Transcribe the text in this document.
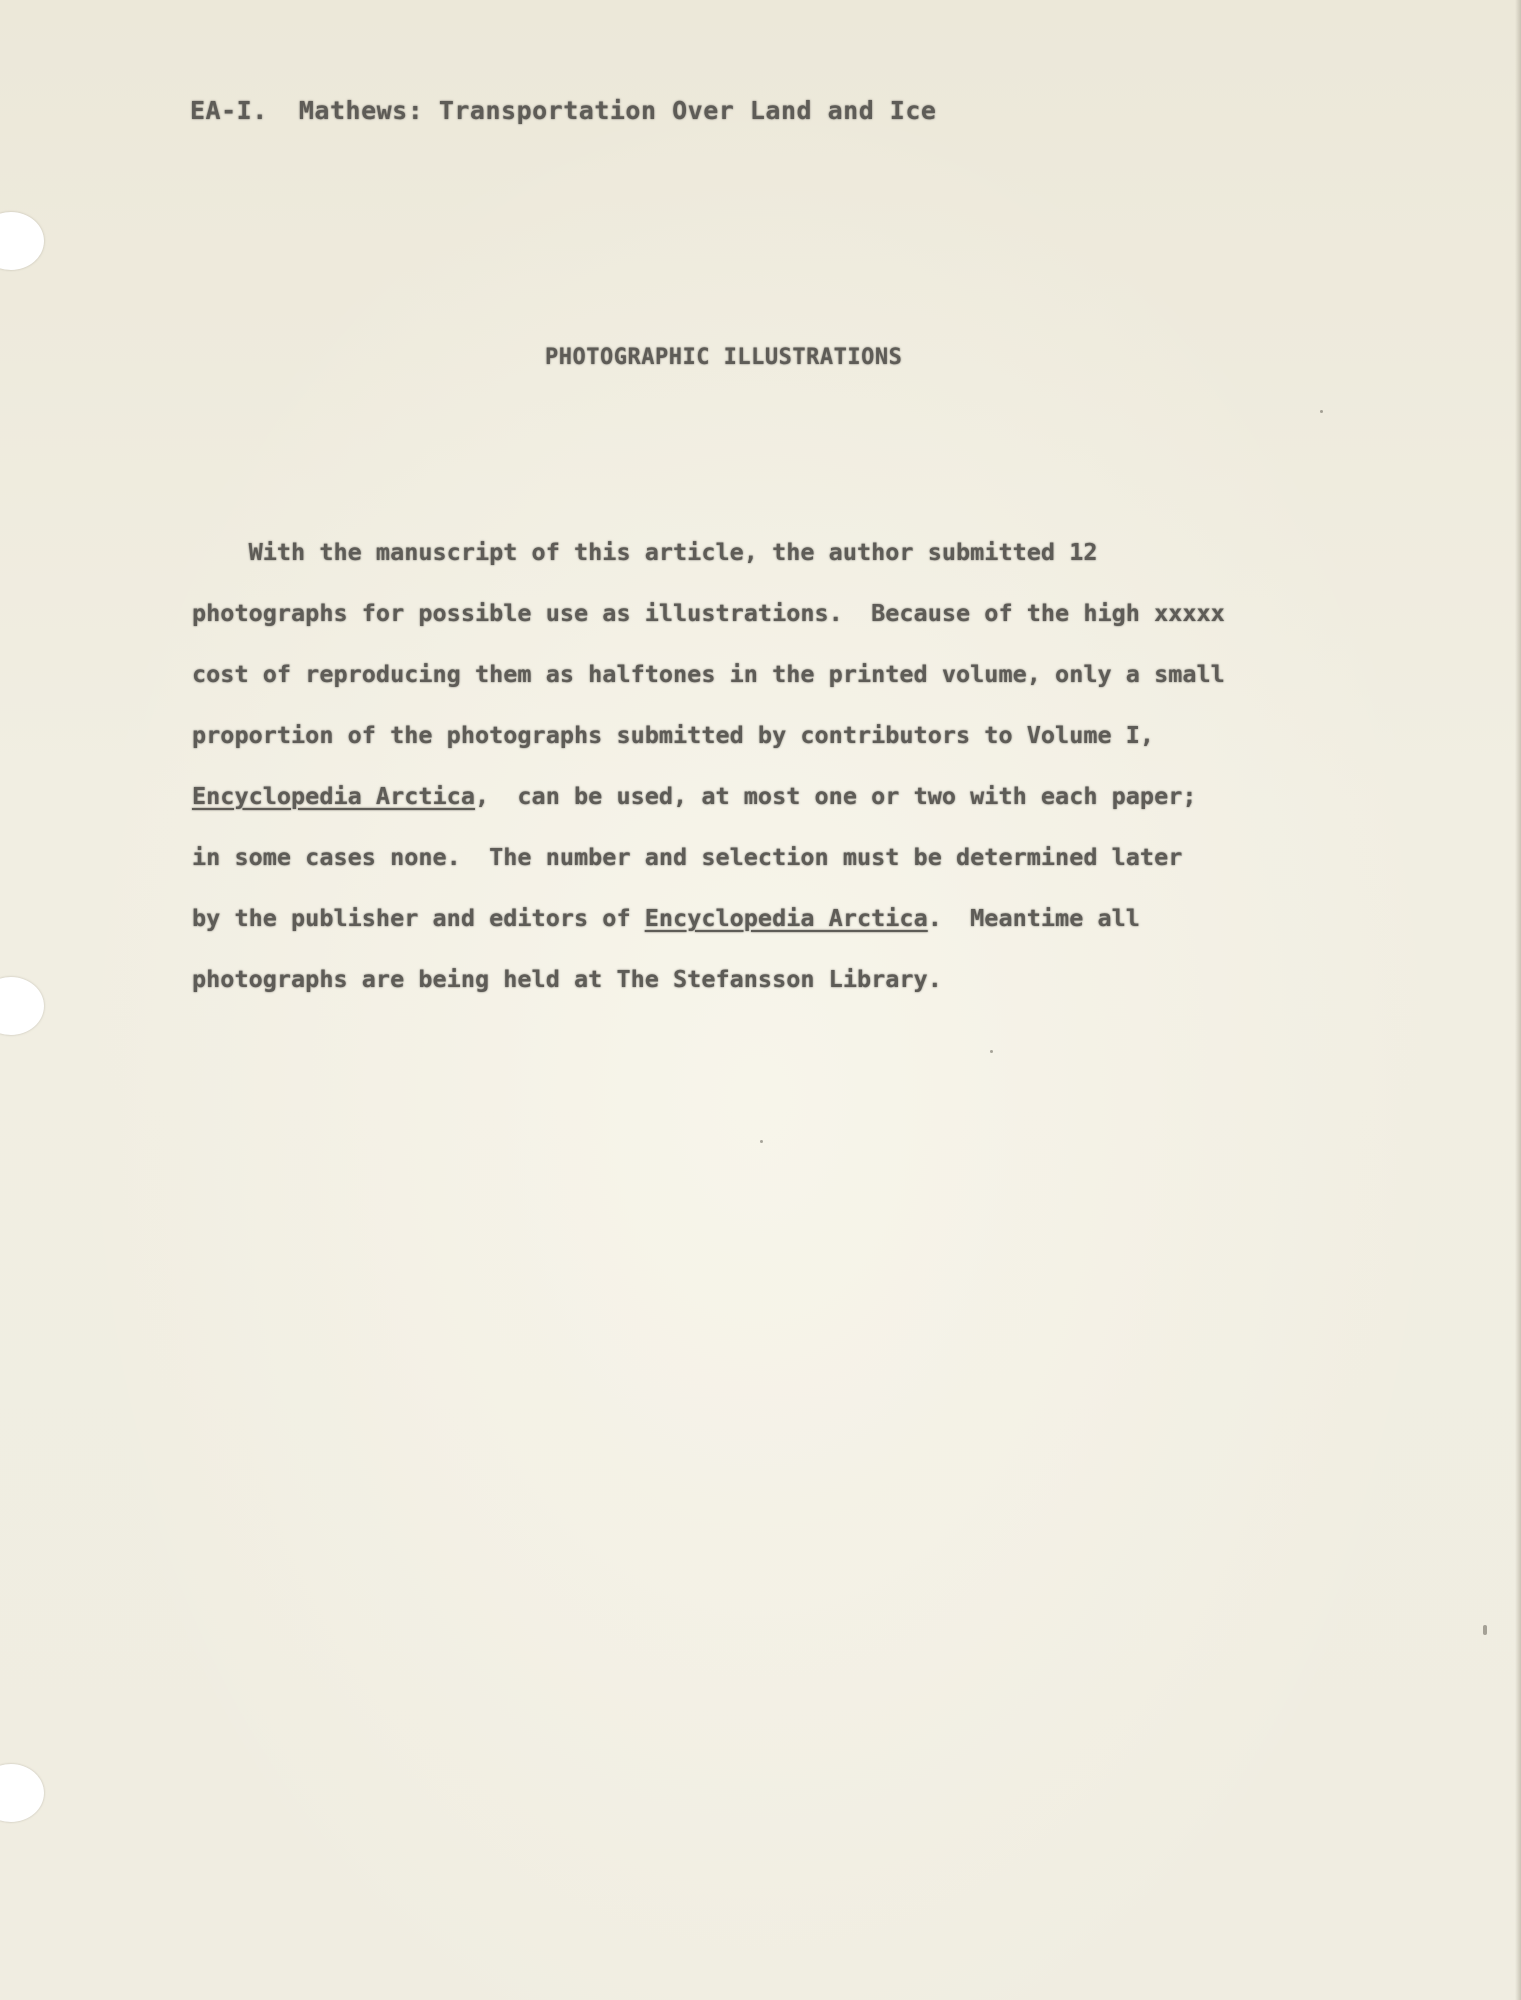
EA-I.  Mathews: Transportation Over Land and Ice

PHOTOGRAPHIC ILLUSTRATIONS

With the manuscript of this article, the author submitted 12
photographs for possible use as illustrations.  Because of the high xxxxx
cost of reproducing them as halftones in the printed volume, only a small
proportion of the photographs submitted by contributors to Volume I,
Encyclopedia Arctica,  can be used, at most one or two with each paper;
in some cases none.  The number and selection must be determined later
by the publisher and editors of Encyclopedia Arctica.  Meantime all
photographs are being held at The Stefansson Library.
